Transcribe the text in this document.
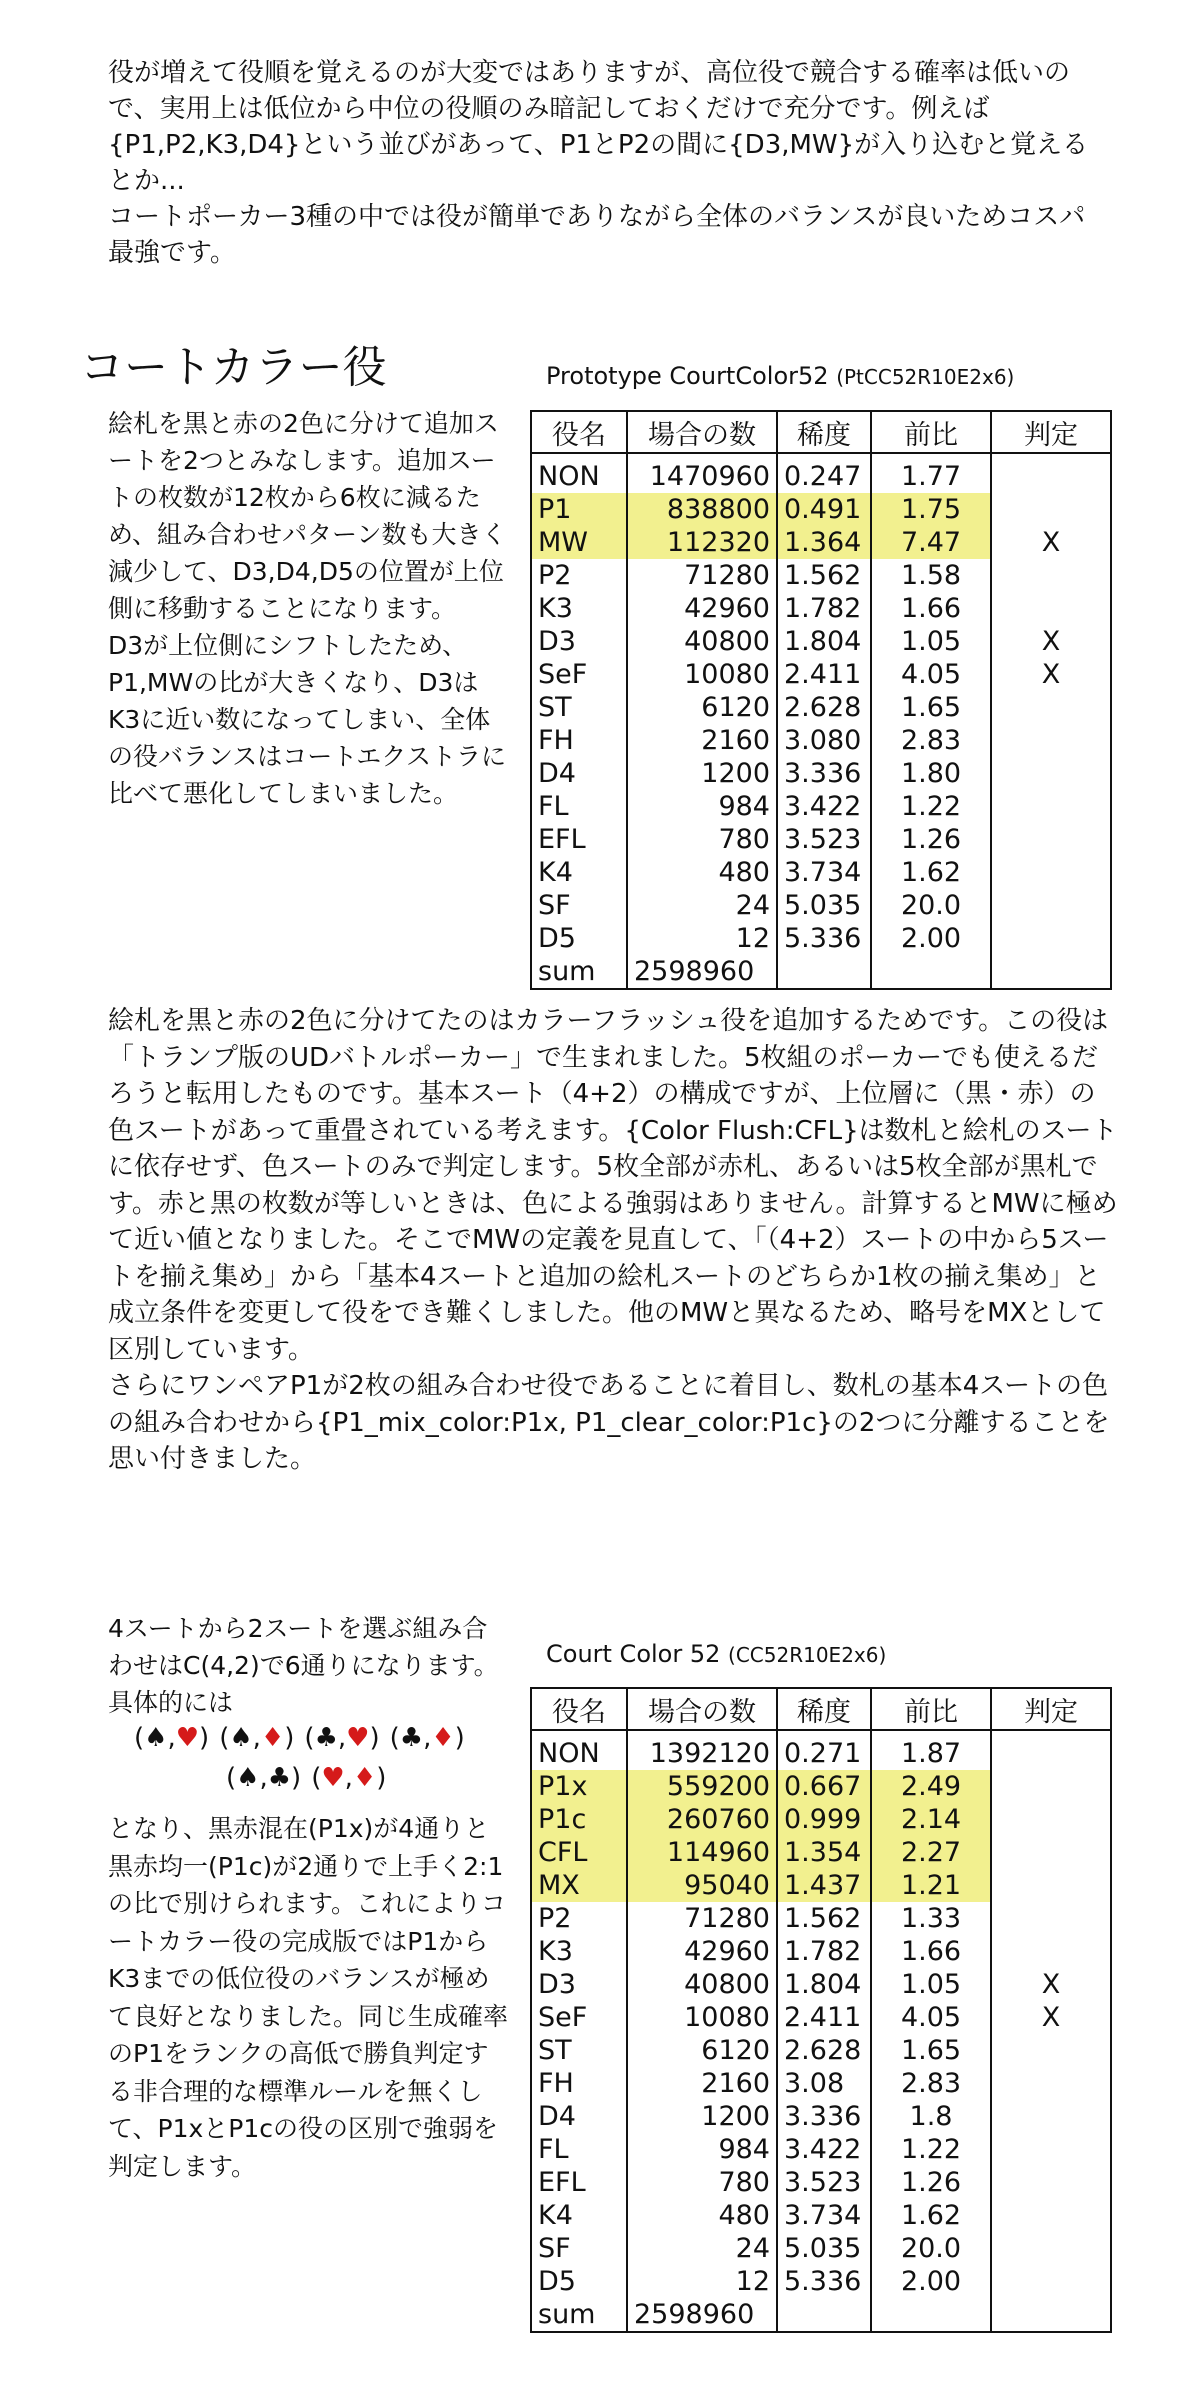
役が増えて役順を覚えるのが大変ではありますが、高位役で競合する確率は低いので、実用上は低位から中位の役順のみ暗記しておくだけで充分です。例えば{P1,P2,K3,D4}という並びがあって、P1とP2の間に{D3,MW}が入り込むと覚えるとか...
コートポーカー3種の中では役が簡単でありながら全体のバランスが良いためコスパ最強です。
コートカラー役
絵札を黒と赤の2色に分けて追加スートを2つとみなします。追加スートの枚数が12枚から6枚に減るため、組み合わせパターン数も大きく減少して、D3,D4,D5の位置が上位側に移動することになります。
D3が上位側にシフトしたため、P1,MWの比が大きくなり、D3はK3に近い数になってしまい、全体の役バランスはコートエクストラに比べて悪化してしまいました。
Prototype CourtColor52 (PtCC52R10E2x6)
役名	場合の数	稀度	前比	判定
NON	1470960	0.247	1.77	
P1	838800	0.491	1.75	
MW	112320	1.364	7.47	X
P2	71280	1.562	1.58	
K3	42960	1.782	1.66	
D3	40800	1.804	1.05	X
SeF	10080	2.411	4.05	X
ST	6120	2.628	1.65	
FH	2160	3.080	2.83	
D4	1200	3.336	1.80	
FL	984	3.422	1.22	
EFL	780	3.523	1.26	
K4	480	3.734	1.62	
SF	24	5.035	20.0	
D5	12	5.336	2.00	
sum	2598960			
絵札を黒と赤の2色に分けてたのはカラーフラッシュ役を追加するためです。この役は「トランプ版のUDバトルポーカー」で生まれました。5枚組のポーカーでも使えるだろうと転用したものです。基本スート（4+2）の構成ですが、上位層に（黒・赤）の色スートがあって重畳されている考えます。{Color Flush:CFL}は数札と絵札のスートに依存せず、色スートのみで判定します。5枚全部が赤札、あるいは5枚全部が黒札です。赤と黒の枚数が等しいときは、色による強弱はありません。計算するとMWに極めて近い値となりました。そこでMWの定義を見直して、「（4+2）スートの中から5スートを揃え集め」から「基本4スートと追加の絵札スートのどちらか1枚の揃え集め」と成立条件を変更して役をでき難くしました。他のMWと異なるため、略号をMXとして区別しています。
さらにワンペアP1が2枚の組み合わせ役であることに着目し、数札の基本4スートの色の組み合わせから{P1_mix_color:P1x, P1_clear_color:P1c}の2つに分離することを思い付きました。
4スートから2スートを選ぶ組み合わせはC(4,2)で6通りになります。具体的には
(♠,♥) (♠,♦) (♣,♥) (♣,♦)
(♠,♣) (♥,♦)
となり、黒赤混在(P1x)が4通りと黒赤均一(P1c)が2通りで上手く2:1の比で別けられます。これによりコートカラー役の完成版ではP1からK3までの低位役のバランスが極めて良好となりました。同じ生成確率のP1をランクの高低で勝負判定する非合理的な標準ルールを無くして、P1xとP1cの役の区別で強弱を判定します。
Court Color 52 (CC52R10E2x6)
役名	場合の数	稀度	前比	判定
NON	1392120	0.271	1.87	
P1x	559200	0.667	2.49	
P1c	260760	0.999	2.14	
CFL	114960	1.354	2.27	
MX	95040	1.437	1.21	
P2	71280	1.562	1.33	
K3	42960	1.782	1.66	
D3	40800	1.804	1.05	X
SeF	10080	2.411	4.05	X
ST	6120	2.628	1.65	
FH	2160	3.08	2.83	
D4	1200	3.336	1.8	
FL	984	3.422	1.22	
EFL	780	3.523	1.26	
K4	480	3.734	1.62	
SF	24	5.035	20.0	
D5	12	5.336	2.00	
sum	2598960			
